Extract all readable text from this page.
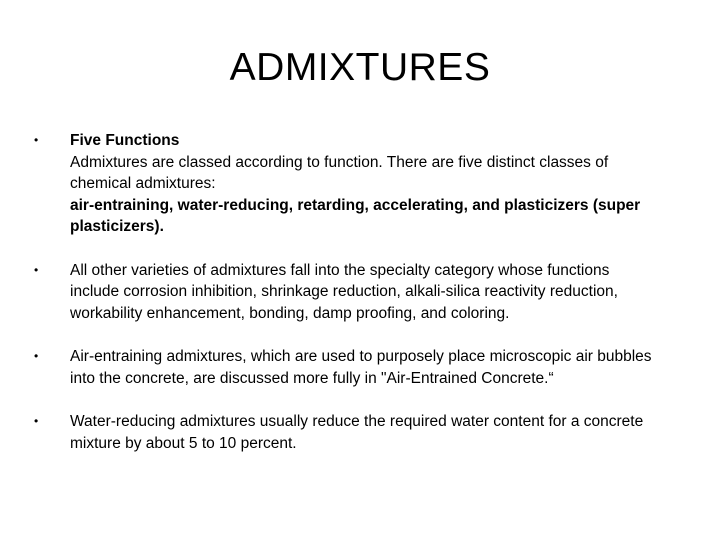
ADMIXTURES
• Five Functions
Admixtures are classed according to function. There are five distinct classes of chemical admixtures:
air-entraining, water-reducing, retarding, accelerating, and plasticizers (super plasticizers).
• All other varieties of admixtures fall into the specialty category whose functions include corrosion inhibition, shrinkage reduction, alkali-silica reactivity reduction, workability enhancement, bonding, damp proofing, and coloring.
• Air-entraining admixtures, which are used to purposely place microscopic air bubbles into the concrete, are discussed more fully in "Air-Entrained Concrete.“
• Water-reducing admixtures usually reduce the required water content for a concrete mixture by about 5 to 10 percent.
